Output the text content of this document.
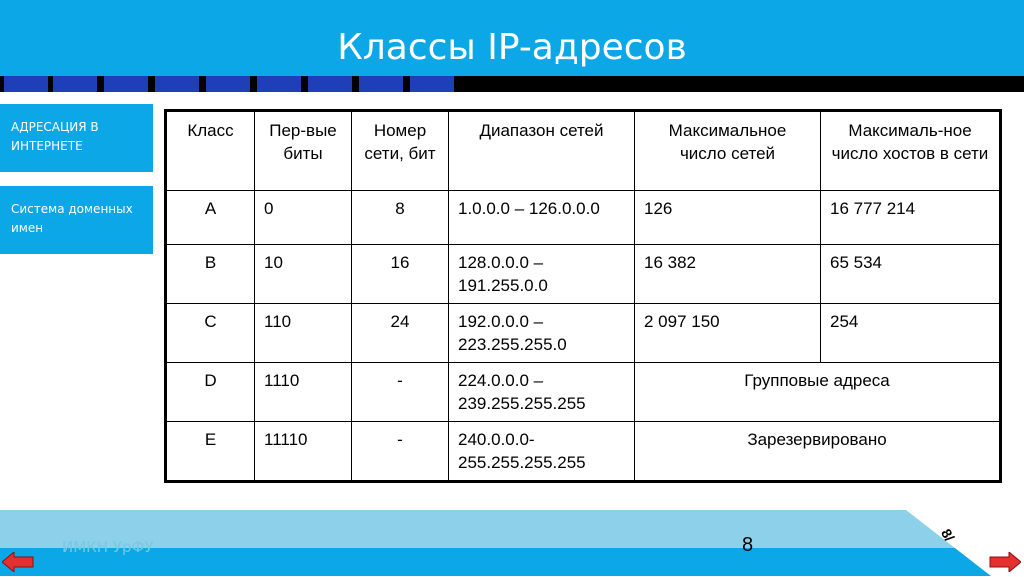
Классы IP-адресов
АДРЕСАЦИЯ В ИНТЕРНЕТЕ
Система доменных имен
Класс	Пер-вые биты	Номер сети, бит	Диапазон сетей	Максимальное число сетей	Максималь-ное число хостов в сети
A	0	8	1.0.0.0 – 126.0.0.0	126	16 777 214
B	10	16	128.0.0.0 – 191.255.0.0	16 382	65 534
C	110	24	192.0.0.0 – 223.255.255.0	2 097 150	254
D	1110	-	224.0.0.0 – 239.255.255.255	Групповые адреса	
E	11110	-	240.0.0.0- 255.255.255.255	Зарезервировано	
ИМКН УрФУ	8	8/
